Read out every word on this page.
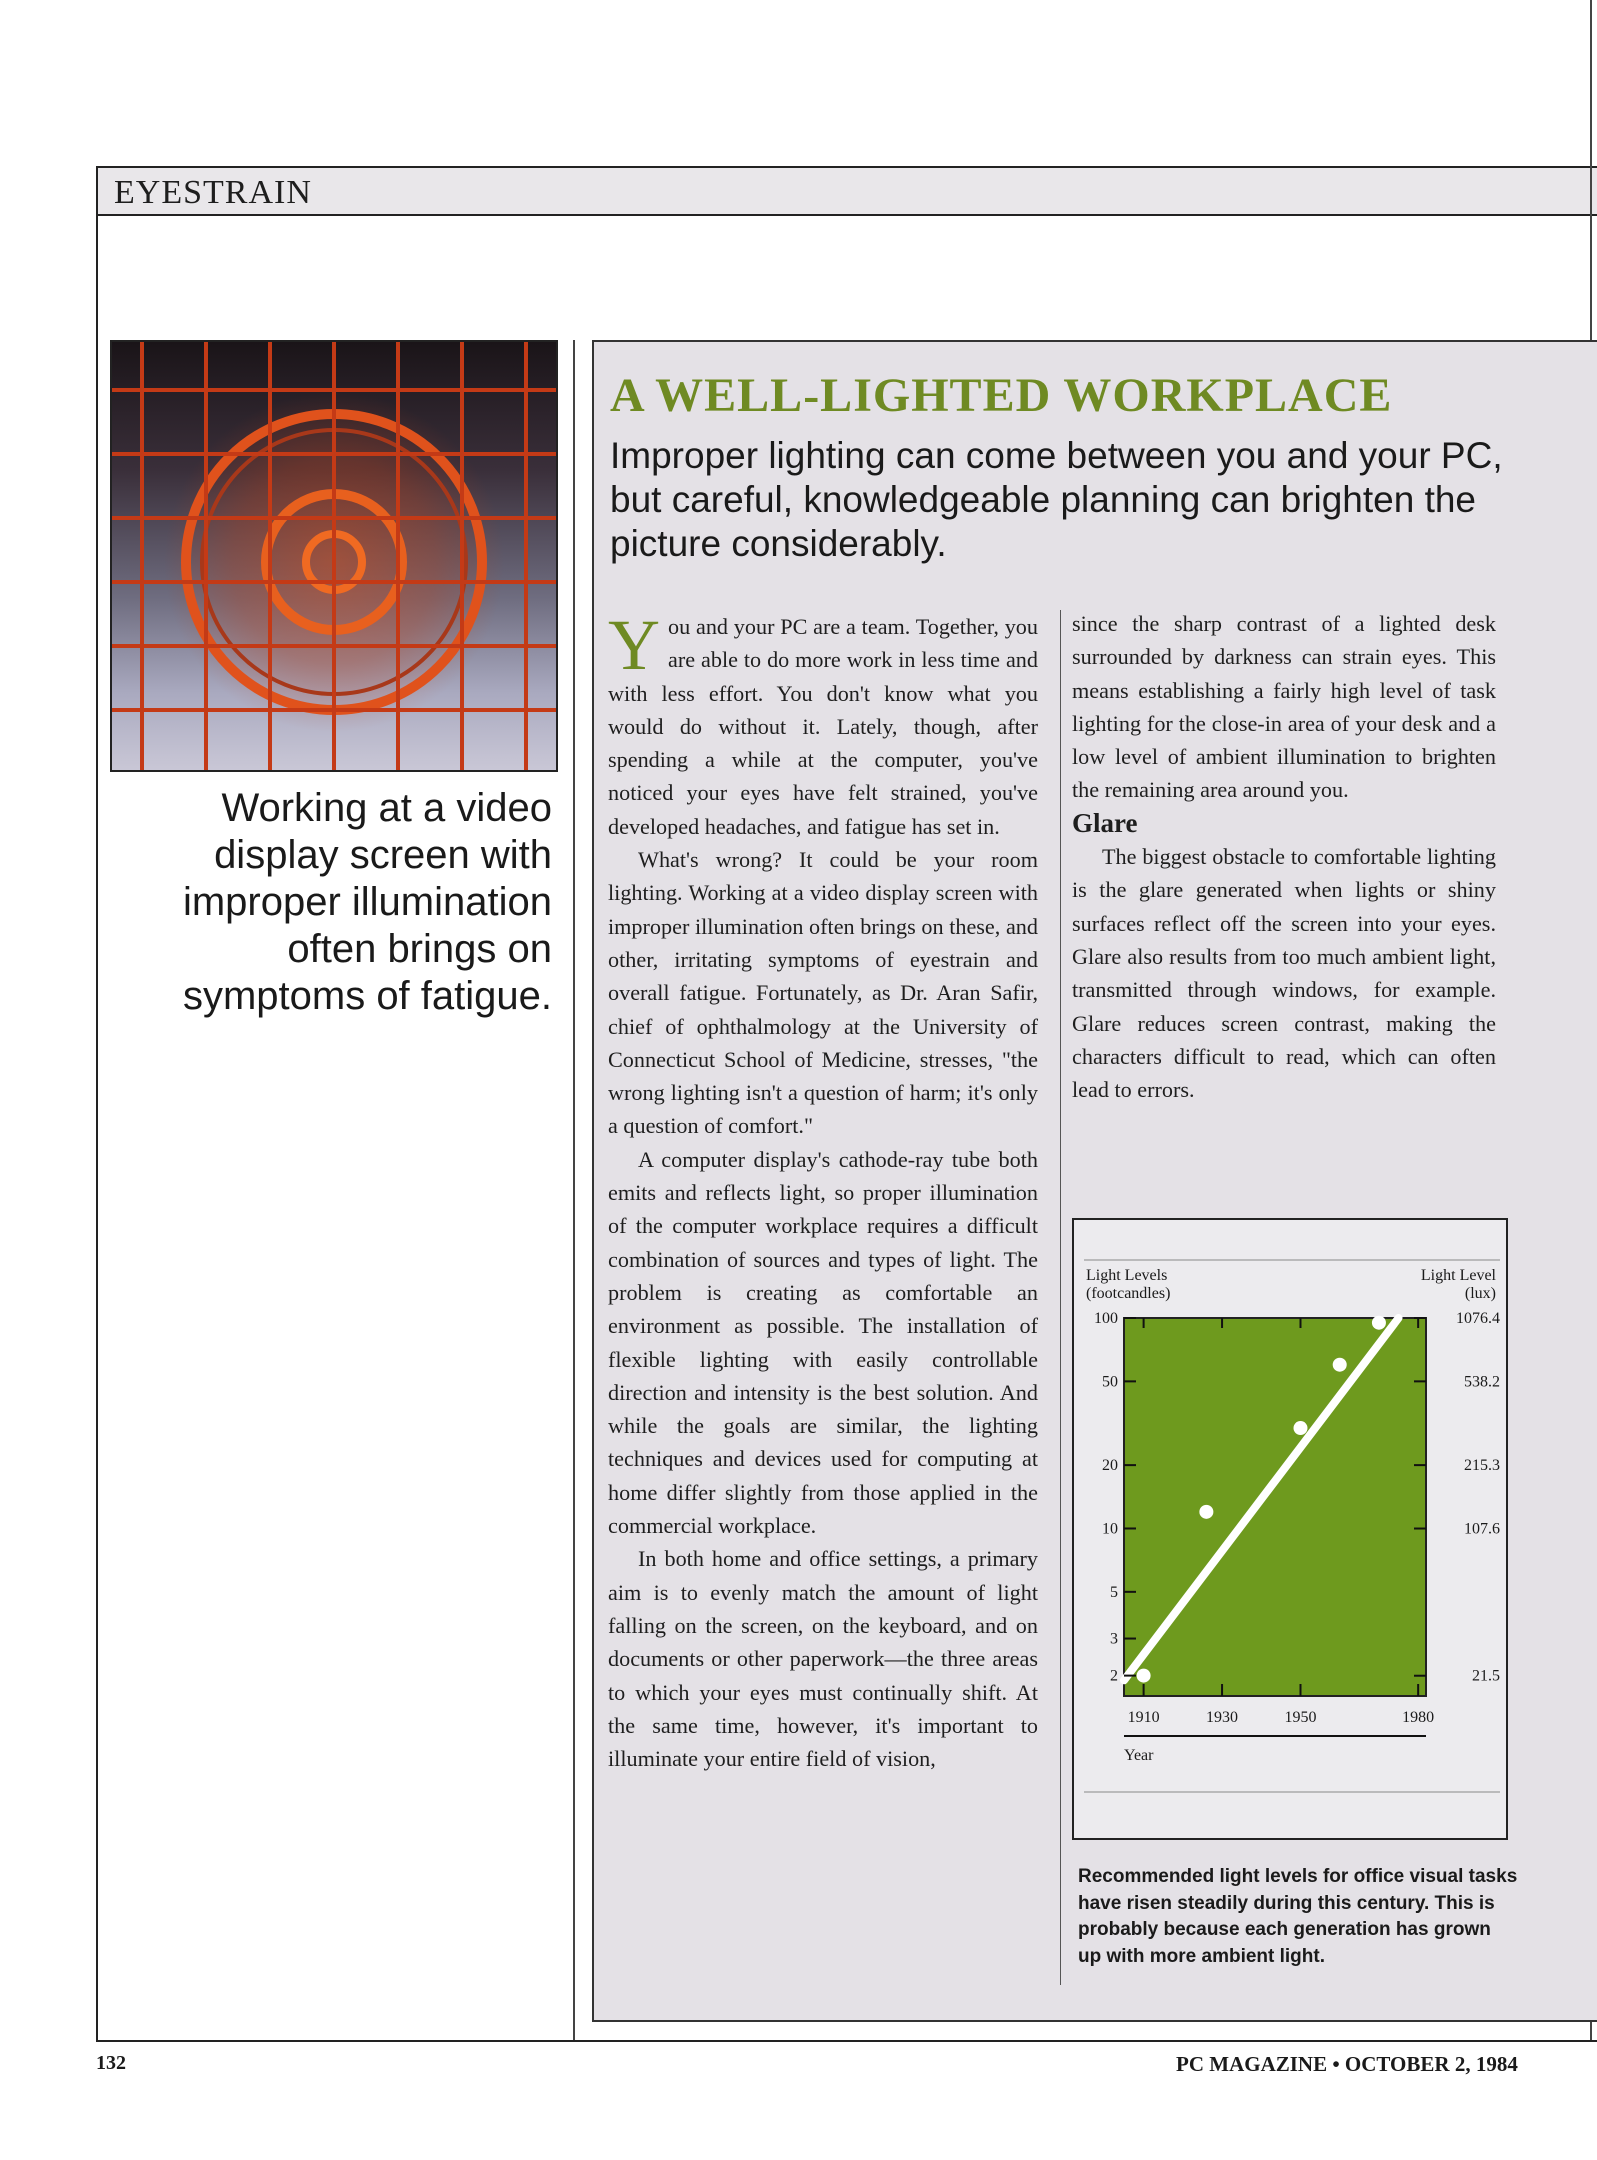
EYESTRAIN
Working at a video display screen with improper illumination often brings on symptoms of fatigue.
A WELL-LIGHTED WORKPLACE
Improper lighting can come between you and your PC, but careful, knowledgeable planning can brighten the picture considerably.

You and your PC are a team. Together, you are able to do more work in less time and with less effort. You don't know what you would do without it. Lately, though, after spending a while at the computer, you've noticed your eyes have felt strained, you've developed headaches, and fatigue has set in.

What's wrong? It could be your room lighting. Working at a video display screen with improper illumination often brings on these, and other, irritating symptoms of eyestrain and overall fatigue. Fortunately, as Dr. Aran Safir, chief of ophthalmology at the University of Connecticut School of Medicine, stresses, "the wrong lighting isn't a question of harm; it's only a question of comfort."

A computer display's cathode-ray tube both emits and reflects light, so proper illumination of the computer workplace requires a difficult combination of sources and types of light. The problem is creating as comfortable an environment as possible. The installation of flexible lighting with easily controllable direction and intensity is the best solution. And while the goals are similar, the lighting techniques and devices used for computing at home differ slightly from those applied in the commercial workplace.

In both home and office settings, a primary aim is to evenly match the amount of light falling on the screen, on the keyboard, and on documents or other paperwork—the three areas to which your eyes must continually shift. At the same time, however, it's important to illuminate your entire field of vision,

since the sharp contrast of a lighted desk surrounded by darkness can strain eyes. This means establishing a fairly high level of task lighting for the close-in area of your desk and a low level of ambient illumination to brighten the remaining area around you.

Glare

The biggest obstacle to comfortable lighting is the glare generated when lights or shiny surfaces reflect off the screen into your eyes. Glare also results from too much ambient light, transmitted through windows, for example. Glare reduces screen contrast, making the characters difficult to read, which can often lead to errors.

Light Levels
(footcandles)
Light Level
(lux)
100
50
20
10
5
3
2
1076.4
538.2
215.3
107.6
21.5
1910	1930	1950	1980
Year
Recommended light levels for office visual tasks have risen steadily during this century. This is probably because each generation has grown up with more ambient light.
132	PC MAGAZINE • OCTOBER 2, 1984
